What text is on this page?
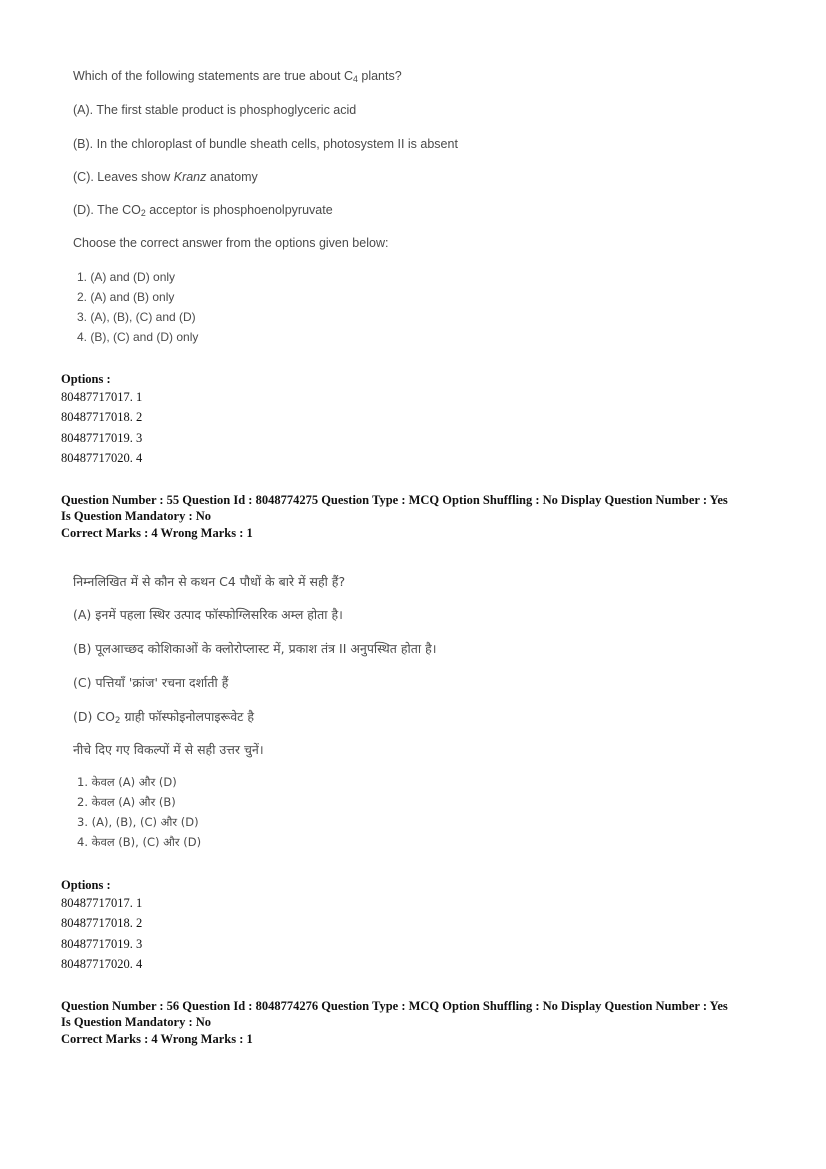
Which of the following statements are true about $C_4$ plants?
(A). The first stable product is phosphoglyceric acid
(B). In the chloroplast of bundle sheath cells, photosystem II is absent
(C). Leaves show Kranz anatomy
(D). The $CO_2$ acceptor is phosphoenolpyruvate
Choose the correct answer from the options given below:
1. (A) and (D) only
2. (A) and (B) only
3. (A), (B), (C) and (D)
4. (B), (C) and (D) only
Options :
80487717017. 1
80487717018. 2
80487717019. 3
80487717020. 4
Question Number : 55 Question Id : 8048774275 Question Type : MCQ Option Shuffling : No Display Question Number : Yes
Is Question Mandatory : No
Correct Marks : 4 Wrong Marks : 1
निम्नलिखित में से कौन से कथन C4 पौधों के बारे में सही हैं?
(A) इनमें पहला स्थिर उत्पाद फॉस्फोग्लिसरिक अम्ल होता है।
(B) पूलआच्छद कोशिकाओं के क्लोरोप्लास्ट में, प्रकाश तंत्र II अनुपस्थित होता है।
(C) पत्तियाँ 'क्रांज' रचना दर्शाती हैं
(D) $CO_2$ ग्राही फॉस्फोइनोलपाइरूवेट है
नीचे दिए गए विकल्पों में से सही उत्तर चुनें।
1. केवल (A) और (D)
2. केवल (A) और (B)
3. (A), (B), (C) और (D)
4. केवल (B), (C) और (D)
Options :
80487717017. 1
80487717018. 2
80487717019. 3
80487717020. 4
Question Number : 56 Question Id : 8048774276 Question Type : MCQ Option Shuffling : No Display Question Number : Yes
Is Question Mandatory : No
Correct Marks : 4 Wrong Marks : 1
